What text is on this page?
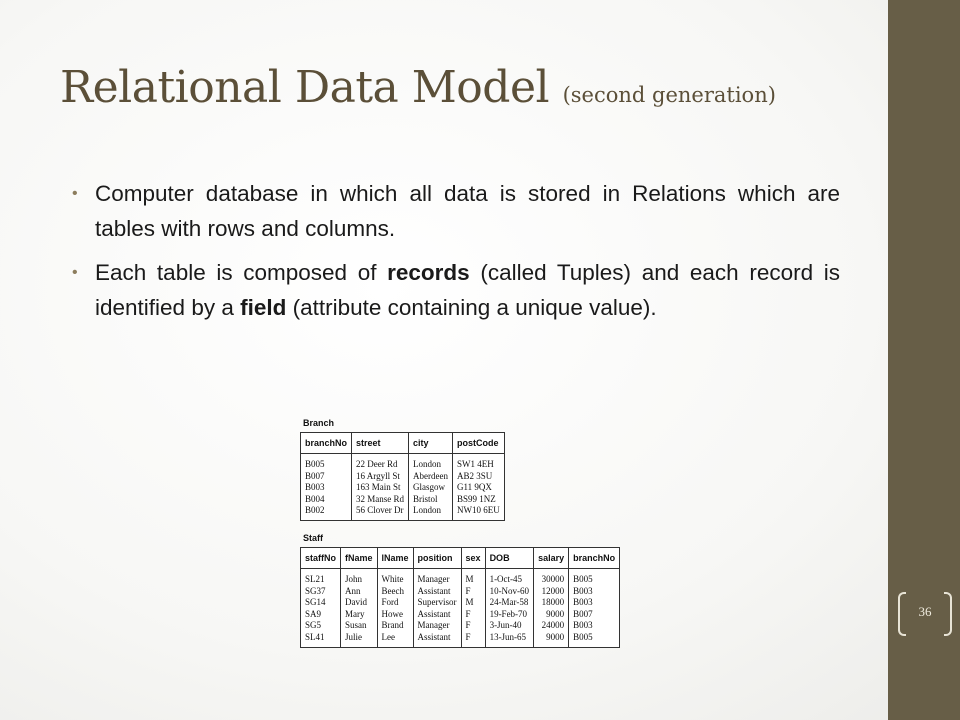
36
Relational Data Model (second generation)
• Computer database in which all data is stored in Relations which are tables with rows and columns.
• Each table is composed of records (called Tuples) and each record is identified by a field (attribute containing a unique value).
Branch
branchNo	street	city	postCode
B005	22 Deer Rd	London	SW1 4EH
B007	16 Argyll St	Aberdeen	AB2 3SU
B003	163 Main St	Glasgow	G11 9QX
B004	32 Manse Rd	Bristol	BS99 1NZ
B002	56 Clover Dr	London	NW10 6EU
Staff
staffNo	fName	lName	position	sex	DOB	salary	branchNo
SL21	John	White	Manager	M	1-Oct-45	30000	B005
SG37	Ann	Beech	Assistant	F	10-Nov-60	12000	B003
SG14	David	Ford	Supervisor	M	24-Mar-58	18000	B003
SA9	Mary	Howe	Assistant	F	19-Feb-70	9000	B007
SG5	Susan	Brand	Manager	F	3-Jun-40	24000	B003
SL41	Julie	Lee	Assistant	F	13-Jun-65	9000	B005
